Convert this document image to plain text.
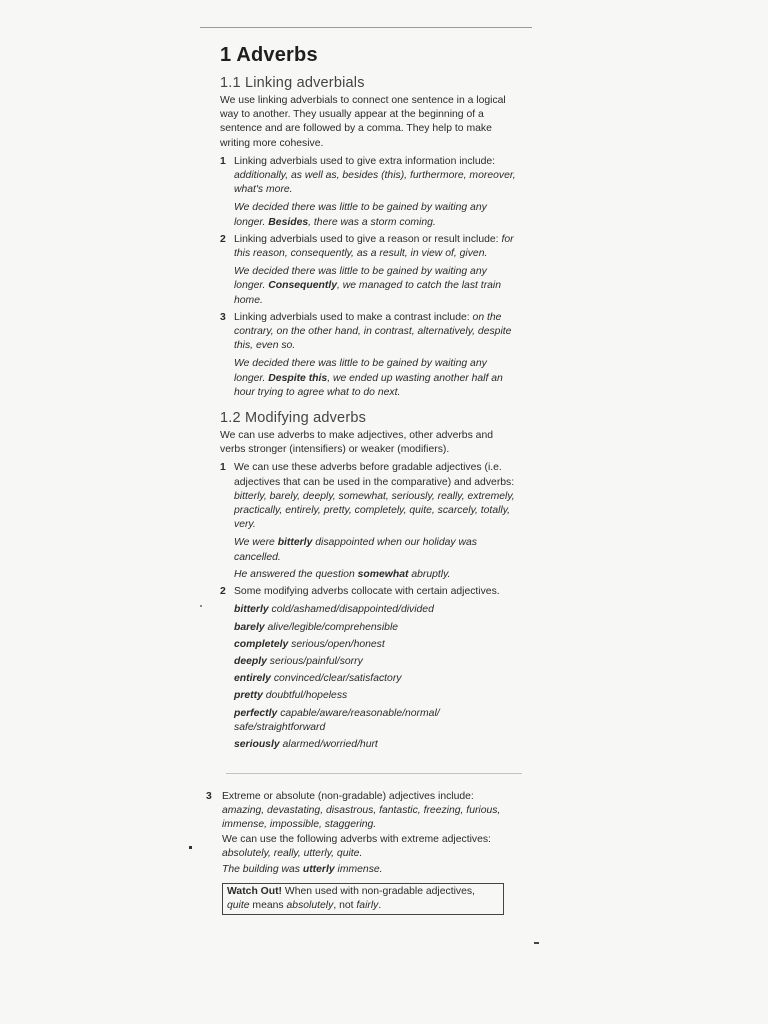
1 Adverbs
1.1 Linking adverbials

We use linking adverbials to connect one sentence in a logical way to another. They usually appear at the beginning of a sentence and are followed by a comma. They help to make writing more cohesive.

1 Linking adverbials used to give extra information include: additionally, as well as, besides (this), furthermore, moreover, what's more.
We decided there was little to be gained by waiting any longer. Besides, there was a storm coming.
2 Linking adverbials used to give a reason or result include: for this reason, consequently, as a result, in view of, given.
We decided there was little to be gained by waiting any longer. Consequently, we managed to catch the last train home.
3 Linking adverbials used to make a contrast include: on the contrary, on the other hand, in contrast, alternatively, despite this, even so.
We decided there was little to be gained by waiting any longer. Despite this, we ended up wasting another half an hour trying to agree what to do next.
1.2 Modifying adverbs

We can use adverbs to make adjectives, other adverbs and verbs stronger (intensifiers) or weaker (modifiers).

1 We can use these adverbs before gradable adjectives (i.e. adjectives that can be used in the comparative) and adverbs: bitterly, barely, deeply, somewhat, seriously, really, extremely, practically, entirely, pretty, completely, quite, scarcely, totally, very.
We were bitterly disappointed when our holiday was cancelled.
He answered the question somewhat abruptly.
2 Some modifying adverbs collocate with certain adjectives.
bitterly cold/ashamed/disappointed/divided
barely alive/legible/comprehensible
completely serious/open/honest
deeply serious/painful/sorry
entirely convinced/clear/satisfactory
pretty doubtful/hopeless
perfectly capable/aware/reasonable/normal/ safe/straightforward
seriously alarmed/worried/hurt
3 Extreme or absolute (non-gradable) adjectives include: amazing, devastating, disastrous, fantastic, freezing, furious, immense, impossible, staggering.
We can use the following adverbs with extreme adjectives: absolutely, really, utterly, quite.
The building was utterly immense.
Watch Out! When used with non-gradable adjectives, quite means absolutely, not fairly.
